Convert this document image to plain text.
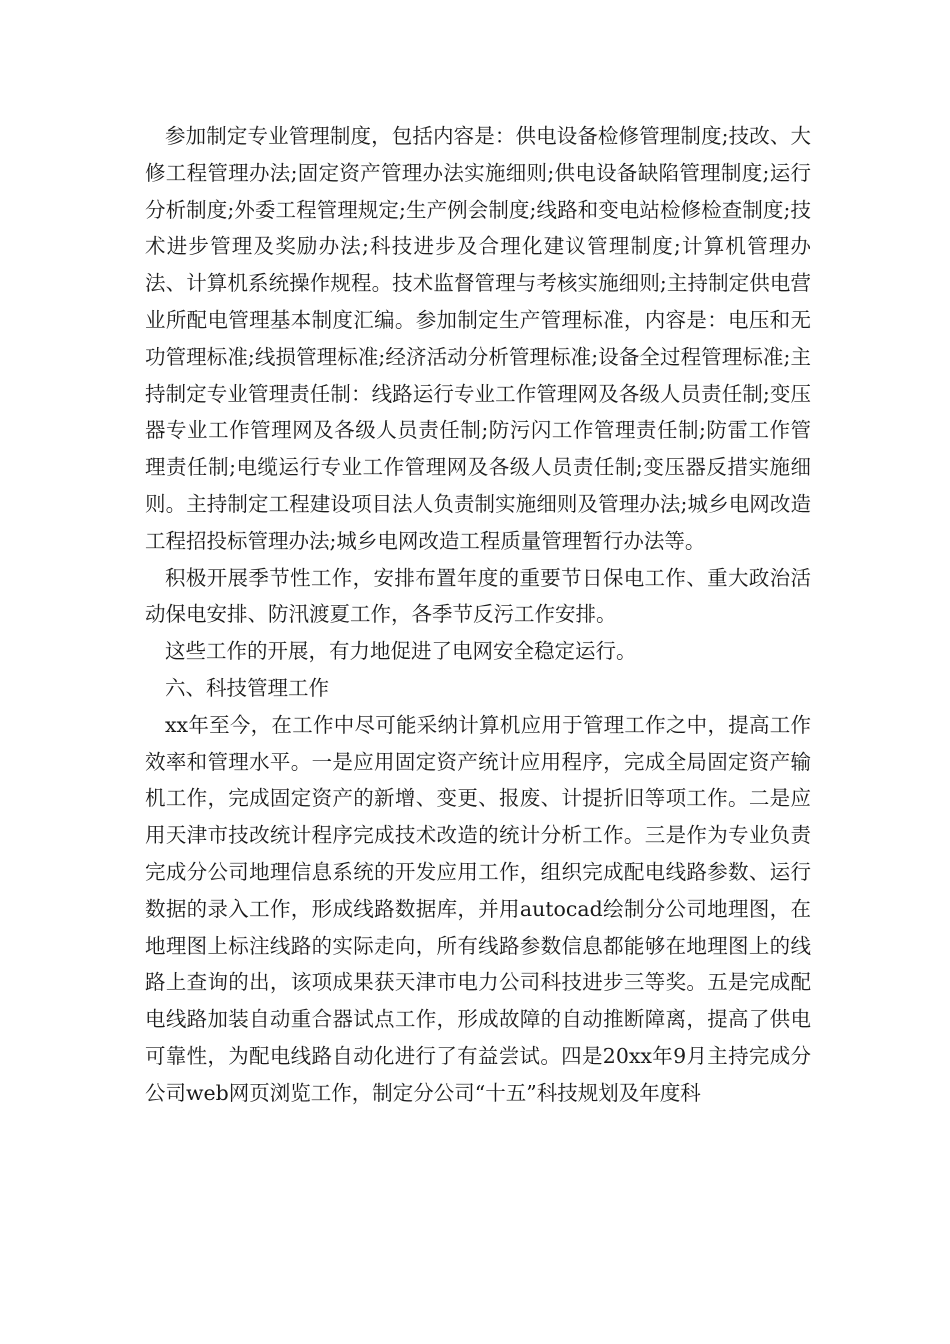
参加制定专业管理制度，包括内容是：供电设备检修管理制度;技改、大修工程管理办法;固定资产管理办法实施细则;供电设备缺陷管理制度;运行分析制度;外委工程管理规定;生产例会制度;线路和变电站检修检查制度;技术进步管理及奖励办法;科技进步及合理化建议管理制度;计算机管理办法、计算机系统操作规程。技术监督管理与考核实施细则;主持制定供电营业所配电管理基本制度汇编。参加制定生产管理标准，内容是：电压和无功管理标准;线损管理标准;经济活动分析管理标准;设备全过程管理标准;主持制定专业管理责任制：线路运行专业工作管理网及各级人员责任制;变压器专业工作管理网及各级人员责任制;防污闪工作管理责任制;防雷工作管理责任制;电缆运行专业工作管理网及各级人员责任制;变压器反措实施细则。主持制定工程建设项目法人负责制实施细则及管理办法;城乡电网改造工程招投标管理办法;城乡电网改造工程质量管理暂行办法等。

积极开展季节性工作，安排布置年度的重要节日保电工作、重大政治活动保电安排、防汛渡夏工作，各季节反污工作安排。

这些工作的开展，有力地促进了电网安全稳定运行。

六、科技管理工作

xx年至今，在工作中尽可能采纳计算机应用于管理工作之中，提高工作效率和管理水平。一是应用固定资产统计应用程序，完成全局固定资产输机工作，完成固定资产的新增、变更、报废、计提折旧等项工作。二是应用天津市技改统计程序完成技术改造的统计分析工作。三是作为专业负责完成分公司地理信息系统的开发应用工作，组织完成配电线路参数、运行数据的录入工作，形成线路数据库，并用autocad绘制分公司地理图，在地理图上标注线路的实际走向，所有线路参数信息都能够在地理图上的线路上查询的出，该项成果获天津市电力公司科技进步三等奖。五是完成配电线路加装自动重合器试点工作，形成故障的自动推断障离，提高了供电可靠性，为配电线路自动化进行了有益尝试。四是20xx年9月主持完成分公司web网页浏览工作，制定分公司“十五”科技规划及年度科
